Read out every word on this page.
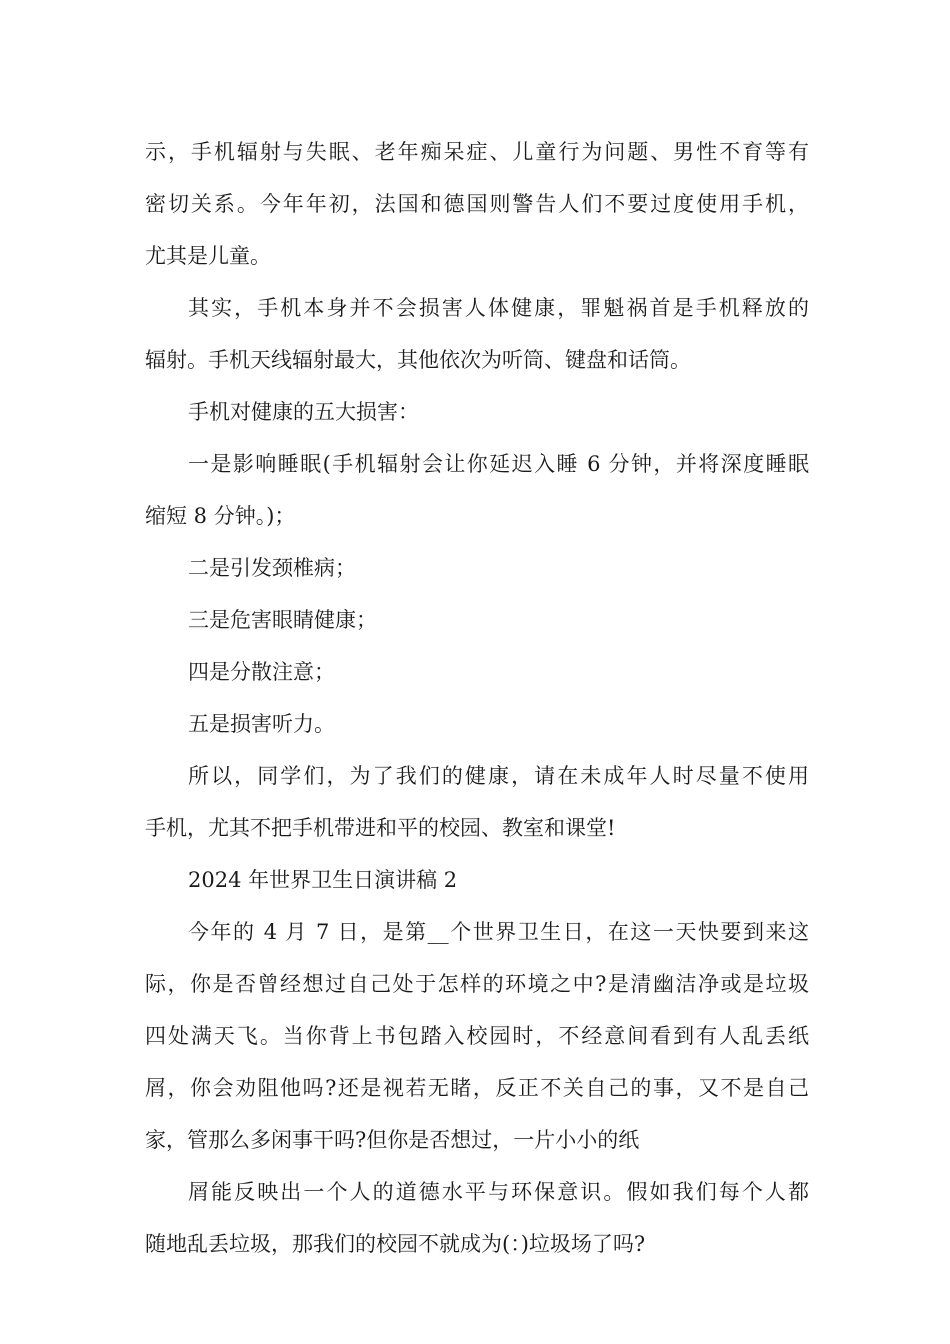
示，手机辐射与失眠、老年痴呆症、儿童行为问题、男性不育等有
密切关系。今年年初，法国和德国则警告人们不要过度使用手机，
尤其是儿童。
其实，手机本身并不会损害人体健康，罪魁祸首是手机释放的
辐射。手机天线辐射最大，其他依次为听筒、键盘和话筒。
手机对健康的五大损害：
一是影响睡眠(手机辐射会让你延迟入睡 6 分钟，并将深度睡眠
缩短 8 分钟。)；
二是引发颈椎病；
三是危害眼睛健康；
四是分散注意；
五是损害听力。
所以，同学们，为了我们的健康，请在未成年人时尽量不使用
手机，尤其不把手机带进和平的校园、教室和课堂!
2024 年世界卫生日演讲稿 2
今年的 4 月 7 日，是第__个世界卫生日，在这一天快要到来这
际，你是否曾经想过自己处于怎样的环境之中?是清幽洁净或是垃圾
四处满天飞。当你背上书包踏入校园时，不经意间看到有人乱丢纸
屑，你会劝阻他吗?还是视若无睹，反正不关自己的事，又不是自己
家，管那么多闲事干吗?但你是否想过，一片小小的纸
屑能反映出一个人的道德水平与环保意识。假如我们每个人都
随地乱丢垃圾，那我们的校园不就成为(：)垃圾场了吗?
